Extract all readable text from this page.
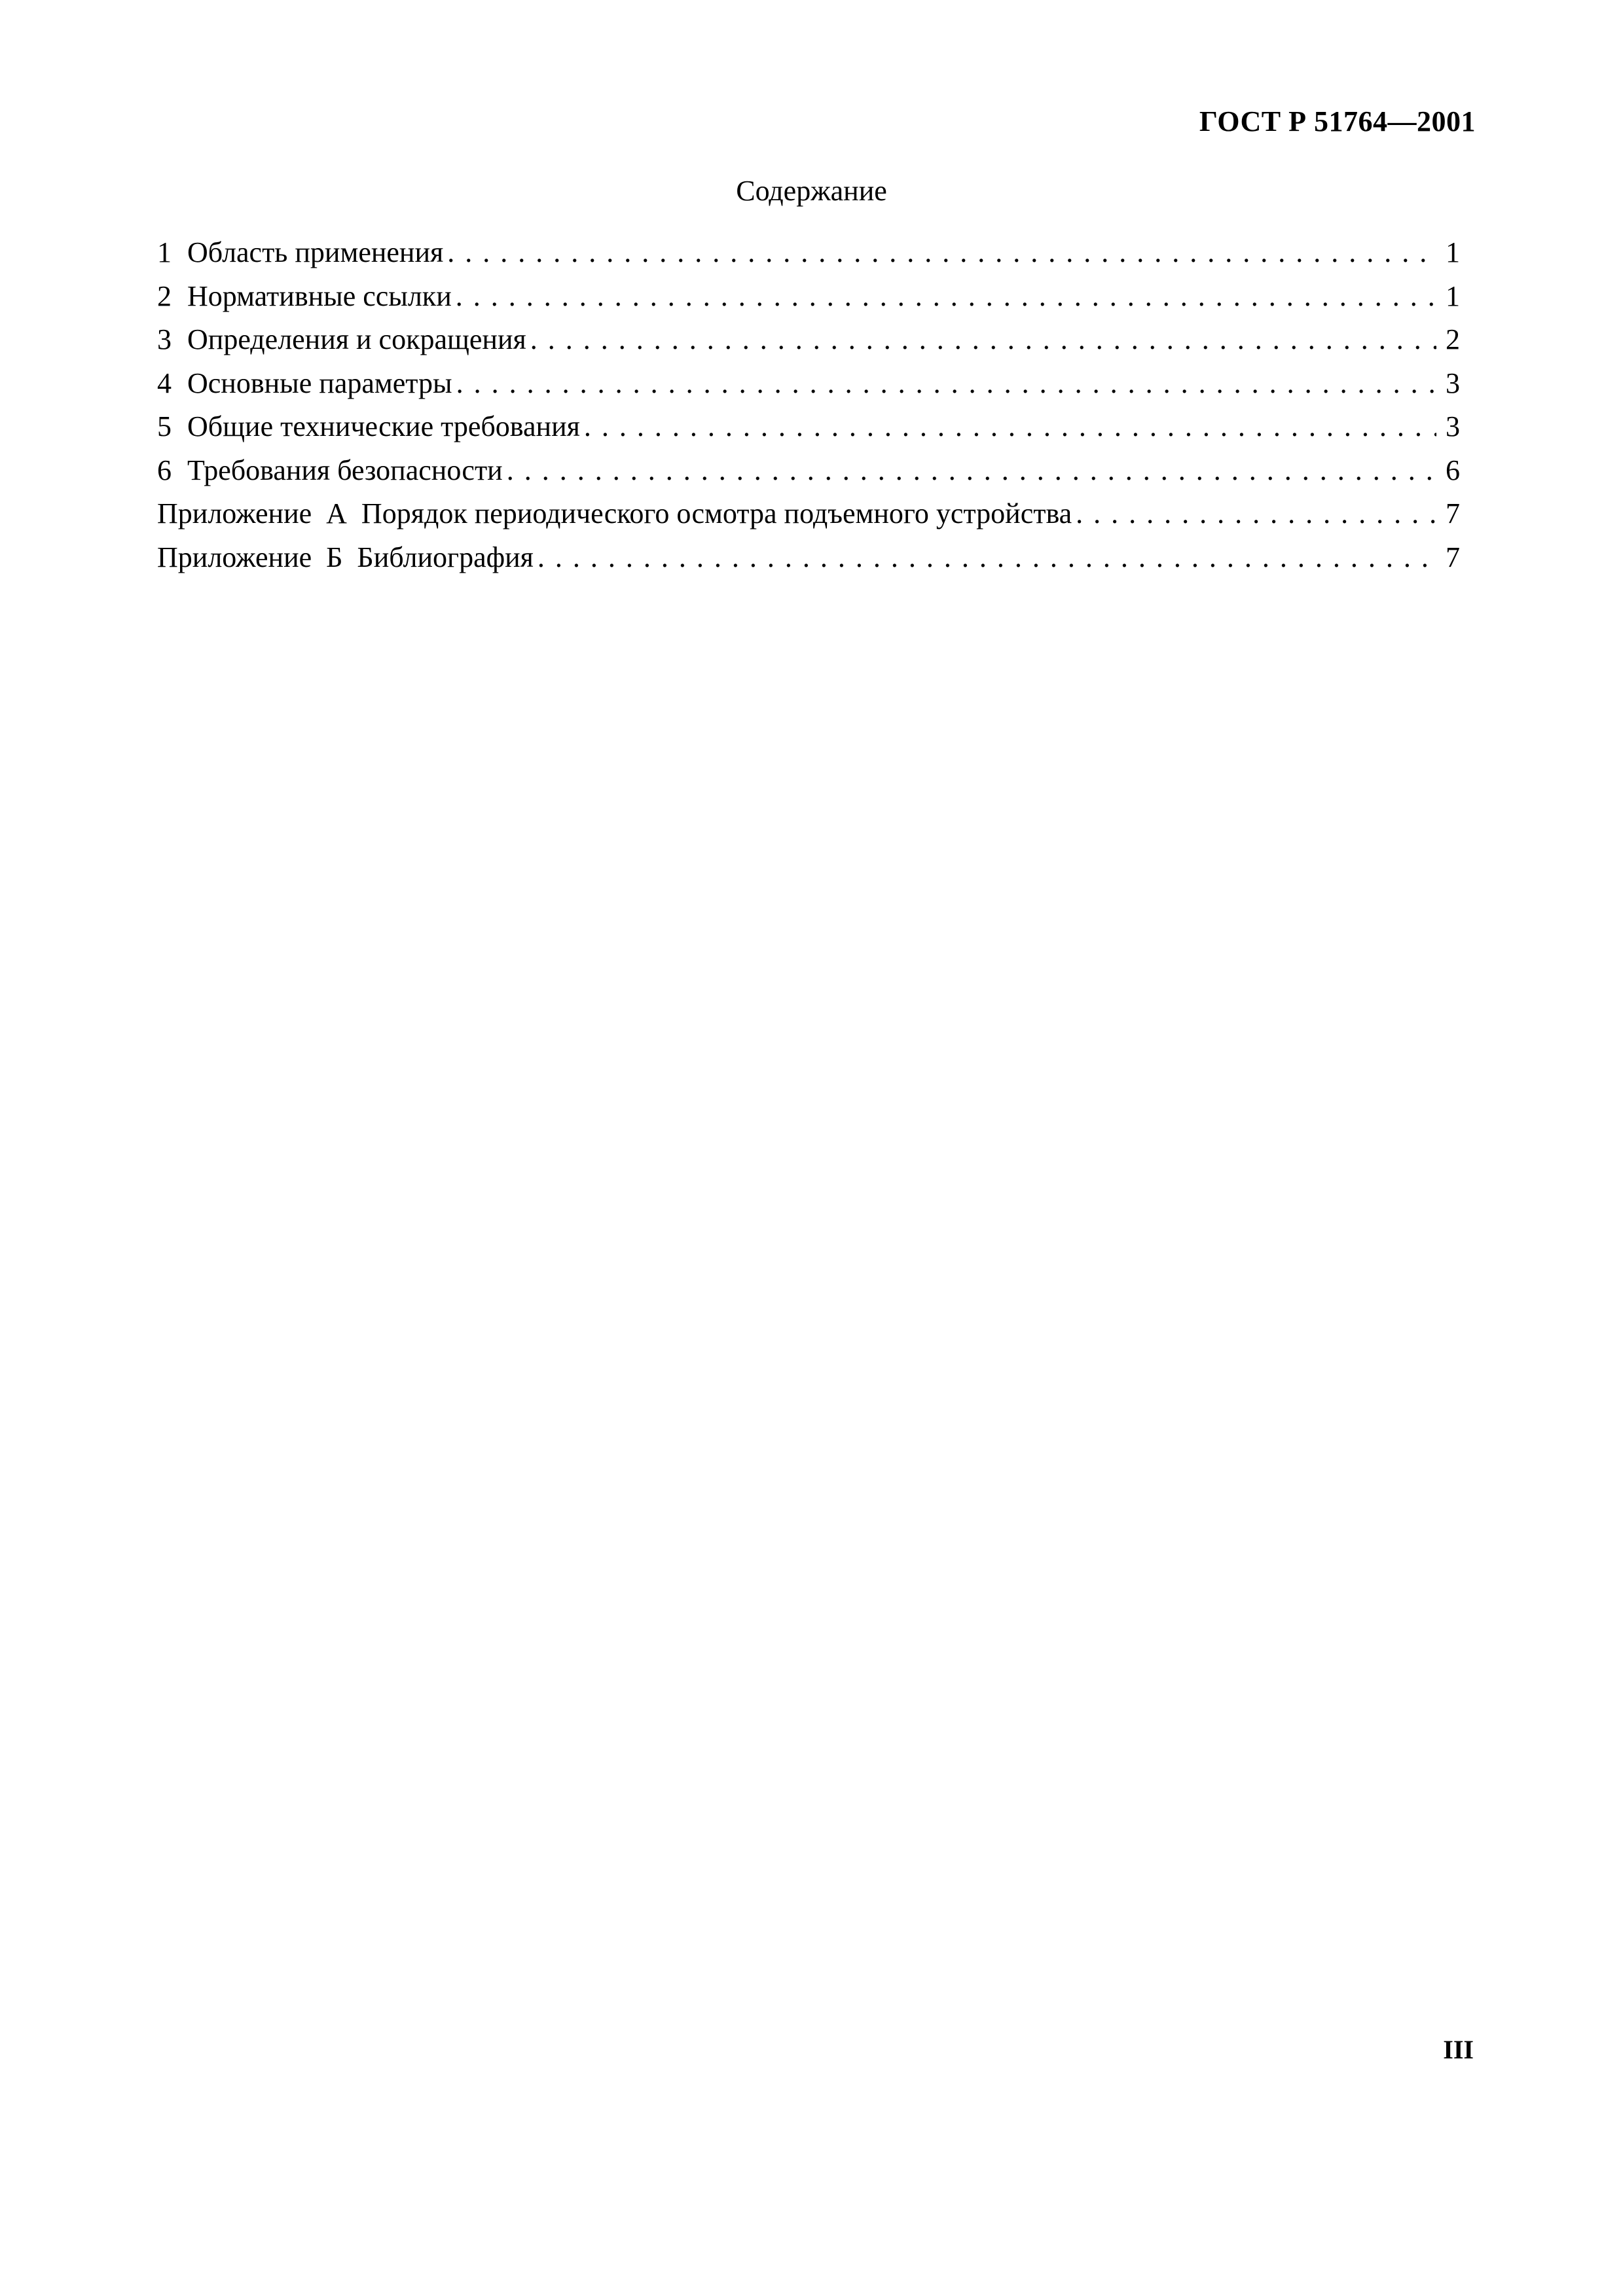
ГОСТ Р 51764—2001
Содержание
1 Область применения . . .	1
2 Нормативные ссылки . . .	1
3 Определения и сокращения . . .	2
4 Основные параметры . . .	3
5 Общие технические требования . . .	3
6 Требования безопасности . . .	6
Приложение  А  Порядок периодического осмотра подъемного устройства . . .	7
Приложение  Б  Библиография . . .	7
III
